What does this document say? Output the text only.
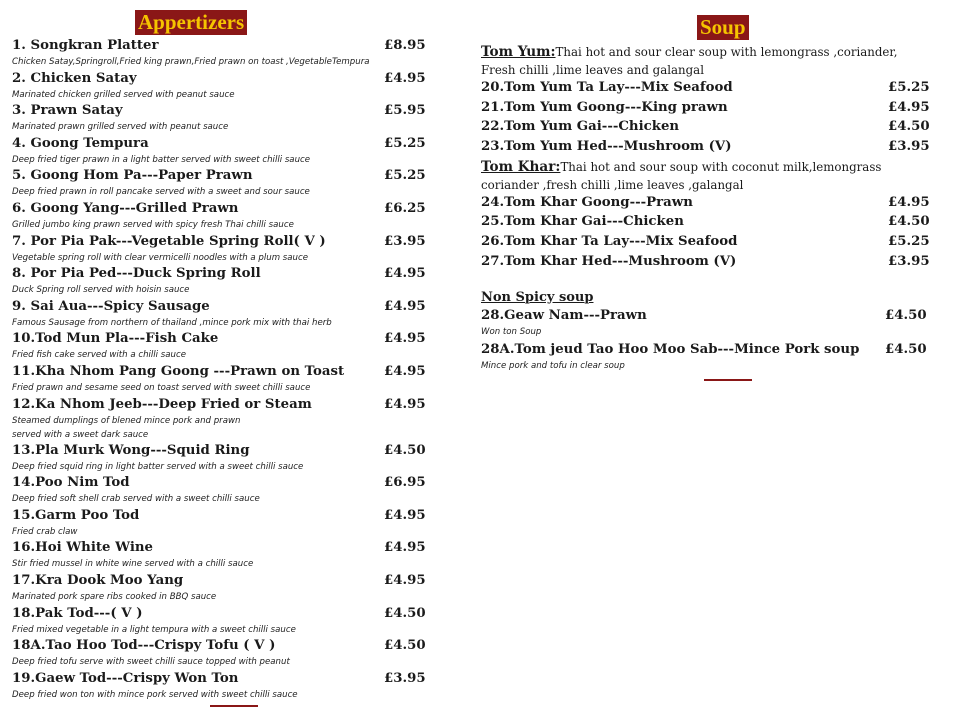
Appertizers	Soup
1. Songkran Platter	£8.95
Chicken Satay,Springroll,Fried king prawn,Fried prawn on toast ,VegetableTempura
2. Chicken Satay	£4.95
Marinated chicken grilled served with peanut sauce
3. Prawn Satay	£5.95
Marinated prawn grilled served with peanut sauce
4. Goong Tempura	£5.25
Deep fried tiger prawn in a light batter served with sweet chilli sauce
5. Goong Hom Pa---Paper Prawn	£5.25
Deep fried prawn in roll pancake served with a sweet and sour sauce
6. Goong Yang---Grilled Prawn	£6.25
Grilled jumbo king prawn served with spicy fresh Thai chilli sauce
7. Por Pia Pak---Vegetable Spring Roll( V )	£3.95
Vegetable spring roll with clear vermicelli noodles with a plum sauce
8. Por Pia Ped---Duck Spring Roll	£4.95
Duck Spring roll served with hoisin sauce
9. Sai Aua---Spicy Sausage	£4.95
Famous Sausage from northern of thailand ,mince pork mix with thai herb
10.Tod Mun Pla---Fish Cake	£4.95
Fried fish cake served with a chilli sauce
11.Kha Nhom Pang Goong ---Prawn on Toast	£4.95
Fried prawn and sesame seed on toast served with sweet chilli sauce
12.Ka Nhom Jeeb---Deep Fried or Steam	£4.95
Steamed dumplings of blened mince pork and prawn
served with a sweet dark sauce
13.Pla Murk Wong---Squid Ring	£4.50
Deep fried squid ring in light batter served with a sweet chilli sauce
14.Poo Nim Tod	£6.95
Deep fried soft shell crab served with a sweet chilli sauce
15.Garm Poo Tod	£4.95
Fried crab claw
16.Hoi White Wine	£4.95
Stir fried mussel in white wine served with a chilli sauce
17.Kra Dook Moo Yang	£4.95
Marinated pork spare ribs cooked in BBQ sauce
18.Pak Tod---( V )	£4.50
Fried mixed vegetable in a light tempura with a sweet chilli sauce
18A.Tao Hoo Tod---Crispy Tofu ( V )	£4.50
Deep fried tofu serve with sweet chilli sauce topped with peanut
19.Gaew Tod---Crispy Won Ton	£3.95
Deep fried won ton with mince pork served with sweet chilli sauce
Tom Yum:Thai hot and sour clear soup with lemongrass ,coriander,
Fresh chilli ,lime leaves and galangal
20.Tom Yum Ta Lay---Mix Seafood	£5.25
21.Tom Yum Goong---King prawn	£4.95
22.Tom Yum Gai---Chicken	£4.50
23.Tom Yum Hed---Mushroom (V)	£3.95
Tom Khar:Thai hot and sour soup with coconut milk,lemongrass
coriander ,fresh chilli ,lime leaves ,galangal
24.Tom Khar Goong---Prawn	£4.95
25.Tom Khar Gai---Chicken	£4.50
26.Tom Khar Ta Lay---Mix Seafood	£5.25
27.Tom Khar Hed---Mushroom (V)	£3.95
Non Spicy soup
28.Geaw Nam---Prawn	£4.50
Won ton Soup
28A.Tom jeud Tao Hoo Moo Sab---Mince Pork soup £4.50
Mince pork and tofu in clear soup
